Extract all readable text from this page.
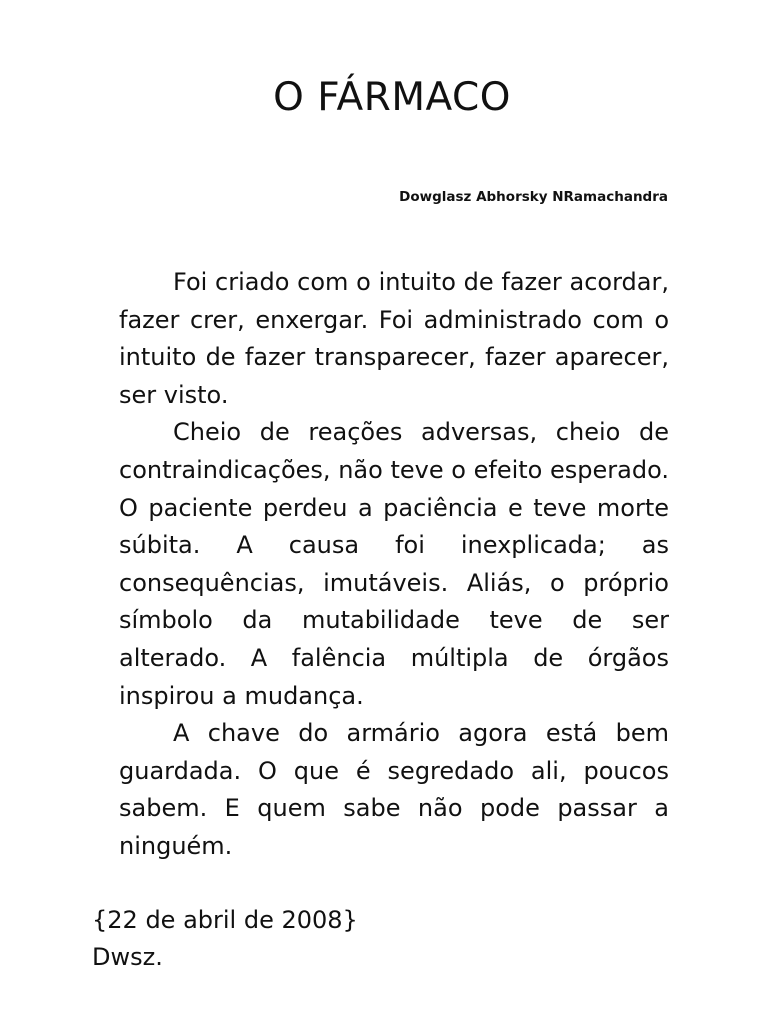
O FÁRMACO
Dowglasz Abhorsky NRamachandra

Foi criado com o intuito de fazer acordar, fazer crer, enxergar. Foi administrado com o intuito de fazer transparecer, fazer aparecer, ser visto.

Cheio de reações adversas, cheio de contraindicações, não teve o efeito esperado. O paciente perdeu a paciência e teve morte súbita. A causa foi inexplicada; as consequências, imutáveis. Aliás, o próprio símbolo da mutabilidade teve de ser alterado. A falência múltipla de órgãos inspirou a mudança.

A chave do armário agora está bem guardada. O que é segredado ali, poucos sabem. E quem sabe não pode passar a ninguém.

{22 de abril de 2008}
Dwsz.
